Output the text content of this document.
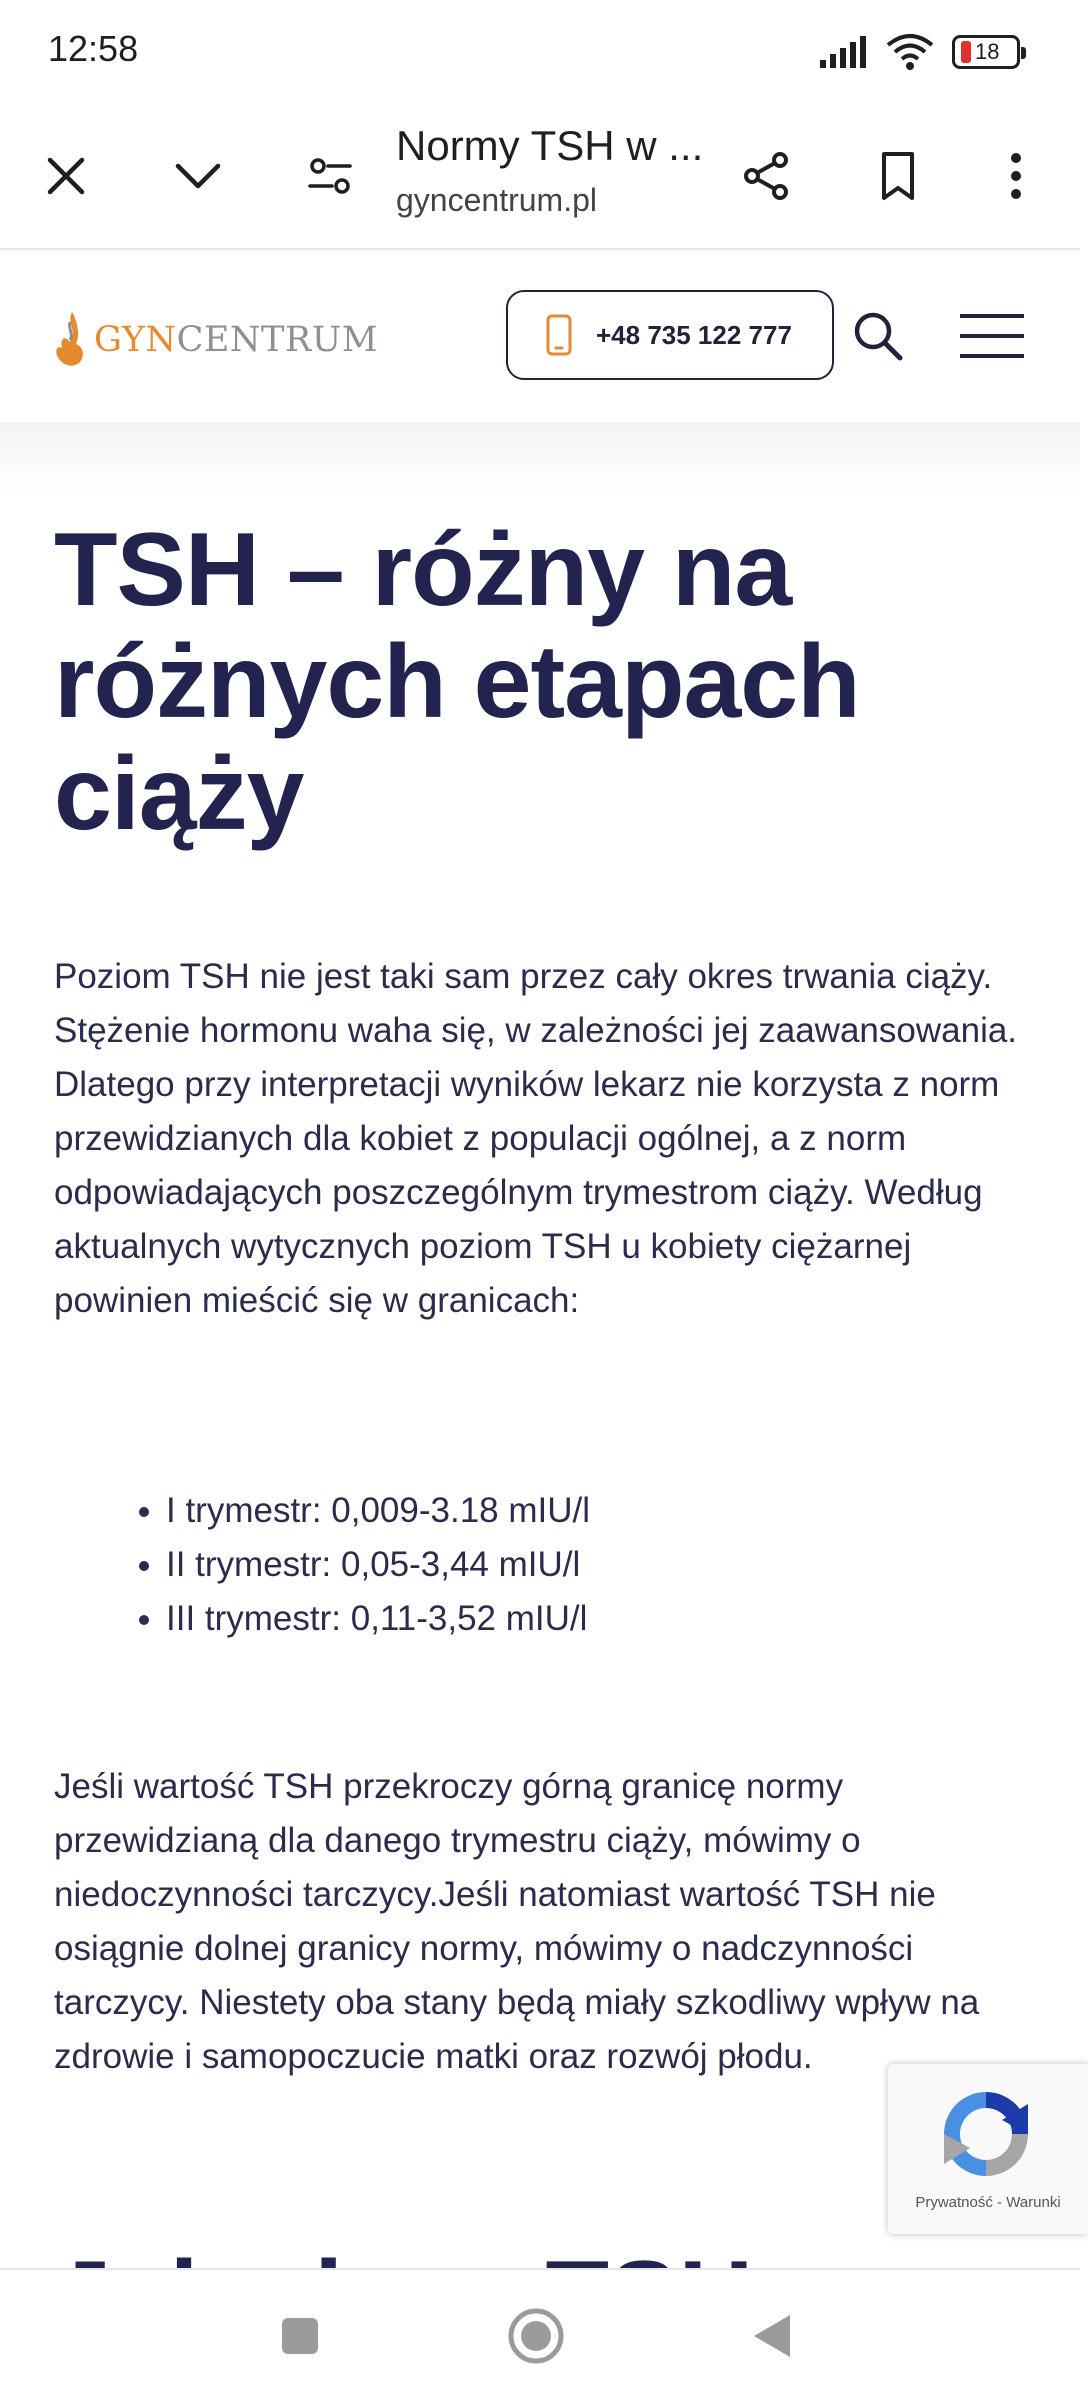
12:58	18
Normy TSH w ...
gyncentrum.pl
GYNCENTRUM	+48 735 122 777
TSH – różny na różnych etapach ciąży

Poziom TSH nie jest taki sam przez cały okres trwania ciąży. Stężenie hormonu waha się, w zależności jej zaawansowania. Dlatego przy interpretacji wyników lekarz nie korzysta z norm przewidzianych dla kobiet z populacji ogólnej, a z norm odpowiadających poszczególnym trymestrom ciąży. Według aktualnych wytycznych poziom TSH u kobiety ciężarnej powinien mieścić się w granicach:

• I trymestr: 0,009-3.18 mIU/l
• II trymestr: 0,05-3,44 mIU/l
• III trymestr: 0,11-3,52 mIU/l

Jeśli wartość TSH przekroczy górną granicę normy przewidzianą dla danego trymestru ciąży, mówimy o niedoczynności tarczycy.Jeśli natomiast wartość TSH nie osiągnie dolnej granicy normy, mówimy o nadczynności tarczycy. Niestety oba stany będą miały szkodliwy wpływ na zdrowie i samopoczucie matki oraz rozwój płodu.

Prywatność - Warunki
